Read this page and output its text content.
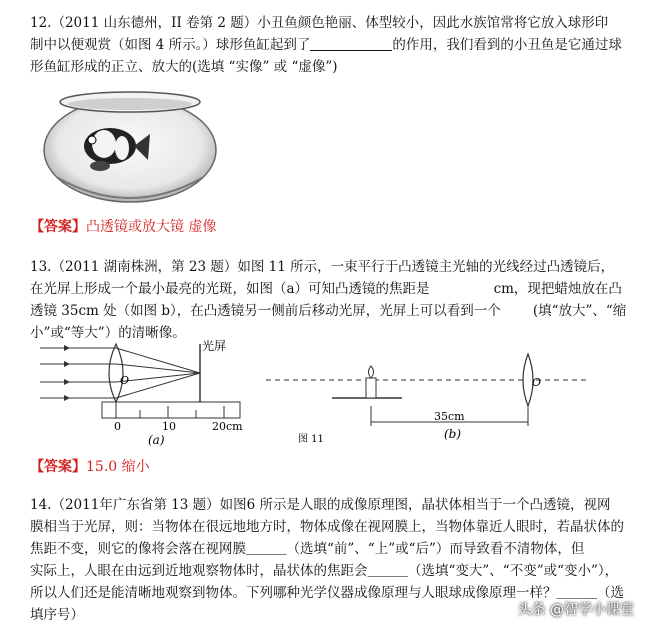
12.（2011 山东德州，II 卷第 2 题）小丑鱼颜色艳丽、体型较小，因此水族馆常将它放入球形印

制中以便观赏（如图 4 所示。）球形鱼缸起到了	的作用，我们看到的小丑鱼是它通过球

形鱼缸形成的正立、放大的(选填 “实像” 或 “虚像”)

【答案】凸透镜或放大镜 虚像

13.（2011 湖南株洲，第 23 题）如图 11 所示，一束平行于凸透镜主光轴的光线经过凸透镜后，

在光屏上形成一个最小最亮的光斑，如图（a）可知凸透镜的焦距是	cm，现把蜡烛放在凸

透镜 35cm 处（如图 b），在凸透镜另一侧前后移动光屏，光屏上可以看到一个 (填“放大”、“缩

小”或“等大”）的清晰像。

光屏
O
0	10	20cm
(a)
O
35cm
(b)
图 11
【答案】15.0 缩小

14.（2011年广东省第 13 题）如图6 所示是人眼的成像原理图，晶状体相当于一个凸透镜，视网

膜相当于光屏，则：当物体在很远地地方时，物体成像在视网膜上，当物体靠近人眼时，若晶状体的

焦距不变，则它的像将会落在视网膜＿＿＿（选填“前”、“上”或“后”）而导致看不清物体，但

实际上，人眼在由远到近地观察物体时，晶状体的焦距会＿＿＿（选填“变大”、“不变”或“变小”），

所以人们还是能清晰地观察到物体。下列哪种光学仪器成像原理与人眼球成像原理一样？＿＿＿（选

填序号）	头条 @智学小课堂
